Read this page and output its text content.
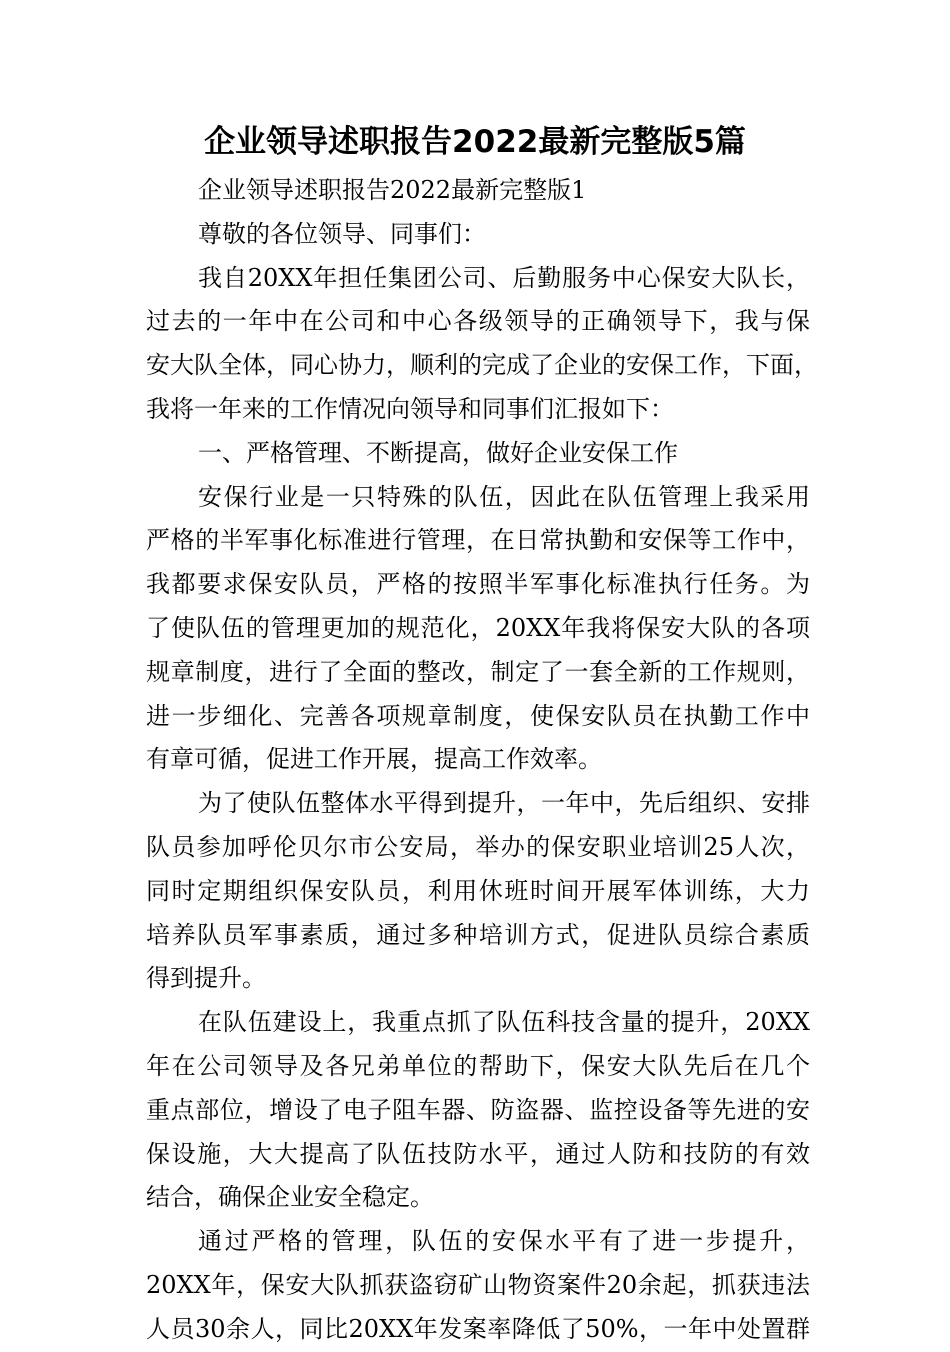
企业领导述职报告2022最新完整版5篇
企业领导述职报告2022最新完整版1
尊敬的各位领导、同事们：
我自20XX年担任集团公司、后勤服务中心保安大队长，
过去的一年中在公司和中心各级领导的正确领导下，我与保
安大队全体，同心协力，顺利的完成了企业的安保工作，下面，
我将一年来的工作情况向领导和同事们汇报如下：
一、严格管理、不断提高，做好企业安保工作
安保行业是一只特殊的队伍，因此在队伍管理上我采用
严格的半军事化标准进行管理，在日常执勤和安保等工作中，
我都要求保安队员，严格的按照半军事化标准执行任务。为
了使队伍的管理更加的规范化，20XX年我将保安大队的各项
规章制度，进行了全面的整改，制定了一套全新的工作规则，
进一步细化、完善各项规章制度，使保安队员在执勤工作中
有章可循，促进工作开展，提高工作效率。
为了使队伍整体水平得到提升，一年中，先后组织、安排
队员参加呼伦贝尔市公安局，举办的保安职业培训25人次，
同时定期组织保安队员，利用休班时间开展军体训练，大力
培养队员军事素质，通过多种培训方式，促进队员综合素质
得到提升。
在队伍建设上，我重点抓了队伍科技含量的提升，20XX
年在公司领导及各兄弟单位的帮助下，保安大队先后在几个
重点部位，增设了电子阻车器、防盗器、监控设备等先进的安
保设施，大大提高了队伍技防水平，通过人防和技防的有效
结合，确保企业安全稳定。
通过严格的管理，队伍的安保水平有了进一步提升，
20XX年，保安大队抓获盗窃矿山物资案件20余起，抓获违法
人员30余人，同比20XX年发案率降低了50%，一年中处置群
